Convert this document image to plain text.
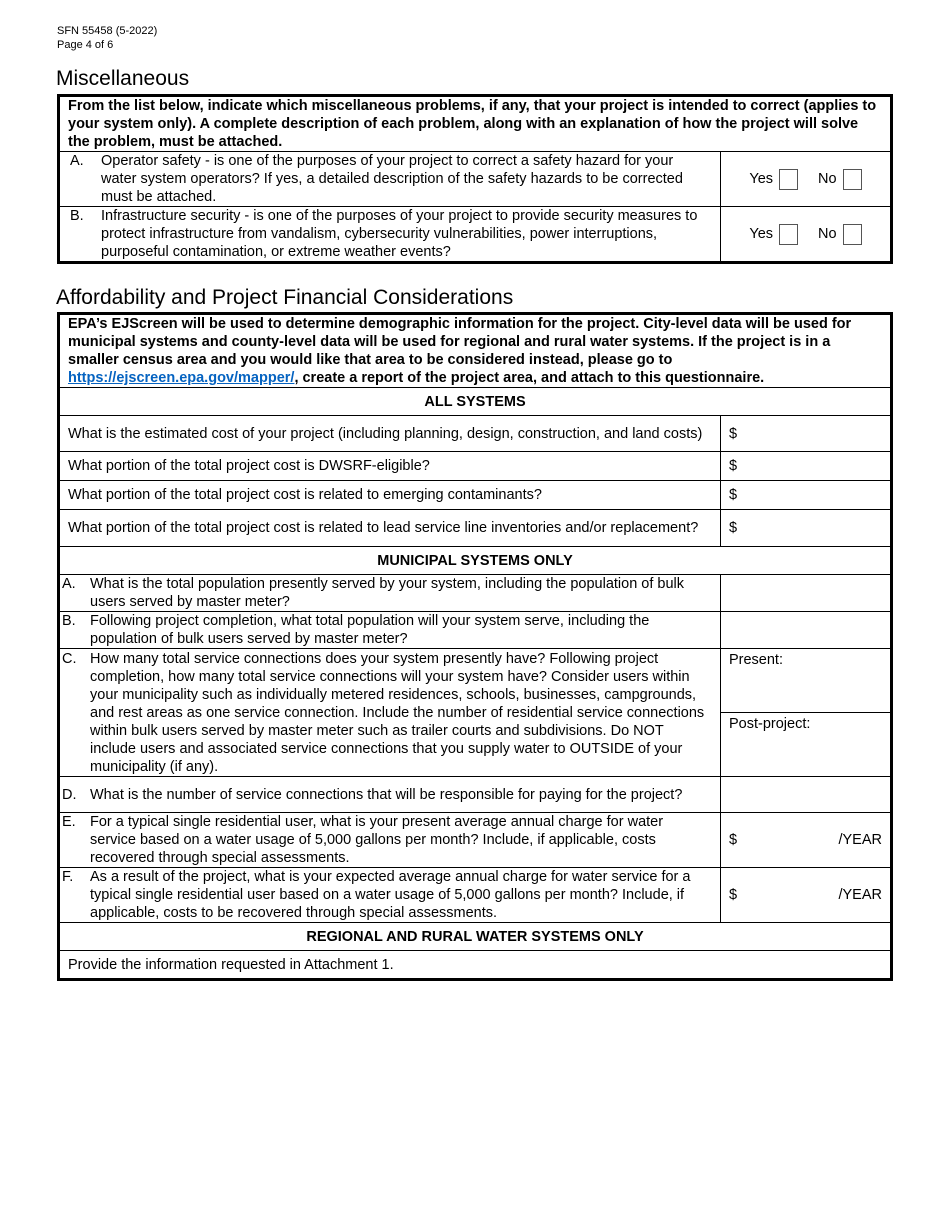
SFN 55458 (5-2022)
Page 4 of 6
Miscellaneous
From the list below, indicate which miscellaneous problems, if any, that your project is intended to correct (applies to your system only). A complete description of each problem, along with an explanation of how the project will solve the problem, must be attached.	

A. Operator safety - is one of the purposes of your project to correct a safety hazard for your water system operators? If yes, a detailed description of the safety hazards to be corrected must be attached.	Yes No

B. Infrastructure security - is one of the purposes of your project to provide security measures to protect infrastructure from vandalism, cybersecurity vulnerabilities, power interruptions, purposeful contamination, or extreme weather events?	Yes No
Affordability and Project Financial Considerations
EPA’s EJScreen will be used to determine demographic information for the project. City-level data will be used for municipal systems and county-level data will be used for regional and rural water systems. If the project is in a smaller census area and you would like that area to be considered instead, please go to https://ejscreen.epa.gov/mapper/, create a report of the project area, and attach to this questionnaire.	
ALL SYSTEMS	
What is the estimated cost of your project (including planning, design, construction, and land costs)	$
What portion of the total project cost is DWSRF-eligible?	$
What portion of the total project cost is related to emerging contaminants?	$
What portion of the total project cost is related to lead service line inventories and/or replacement?	$
MUNICIPAL SYSTEMS ONLY	

A. What is the total population presently served by your system, including the population of bulk users served by master meter?	

B. Following project completion, what total population will your system serve, including the population of bulk users served by master meter?	

C. How many total service connections does your system presently have? Following project completion, how many total service connections will your system have? Consider users within your municipality such as individually metered residences, schools, businesses, campgrounds, and rest areas as one service connection. Include the number of residential service connections within bulk users served by master meter such as trailer courts and subdivisions. Do NOT include users and associated service connections that you supply water to OUTSIDE of your municipality (if any).	Present:
	Post-project:

D. What is the number of service connections that will be responsible for paying for the project?	

E. For a typical single residential user, what is your present average annual charge for water service based on a water usage of 5,000 gallons per month? Include, if applicable, costs recovered through special assessments.	$ /YEAR

F. As a result of the project, what is your expected average annual charge for water service for a typical single residential user based on a water usage of 5,000 gallons per month? Include, if applicable, costs to be recovered through special assessments.	$ /YEAR

REGIONAL AND RURAL WATER SYSTEMS ONLY	
Provide the information requested in Attachment 1.	
